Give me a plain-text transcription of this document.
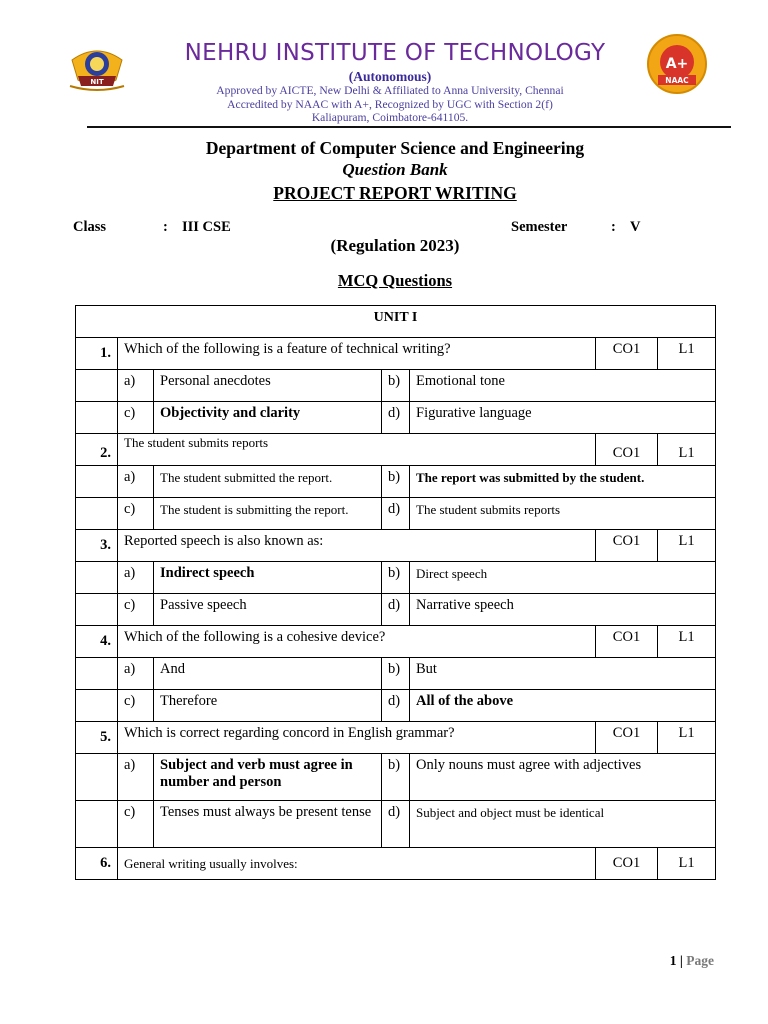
NIT
A+
NAAC
NEHRU INSTITUTE OF TECHNOLOGY
(Autonomous)
Approved by AICTE, New Delhi & Affiliated to Anna University, Chennai
Accredited by NAAC with A+, Recognized by UGC with Section 2(f)
Kaliapuram, Coimbatore-641105.
Department of Computer Science and Engineering
Question Bank
PROJECT REPORT WRITING
Class	: III CSE	Semester	: V
(Regulation 2023)
MCQ Questions
UNIT I						
1.	Which of the following is a feature of technical writing?				CO1	L1
	a)	Personal anecdotes	b)	Emotional tone		
	c)	Objectivity and clarity	d)	Figurative language		
2.	The student submits reports				CO1	L1
	a)	The student submitted the report.	b)	The report was submitted by the student.		
	c)	The student is submitting the report.	d)	The student submits reports		
3.	Reported speech is also known as:				CO1	L1
	a)	Indirect speech	b)	Direct speech		
	c)	Passive speech	d)	Narrative speech		
4.	Which of the following is a cohesive device?				CO1	L1
	a)	And	b)	But		
	c)	Therefore	d)	All of the above		
5.	Which is correct regarding concord in English grammar?				CO1	L1
	a)	Subject and verb must agree in number and person	b)	Only nouns must agree with adjectives		
	c)	Tenses must always be present tense	d)	Subject and object must be identical		
6.	General writing usually involves:				CO1	L1
1 | Page
